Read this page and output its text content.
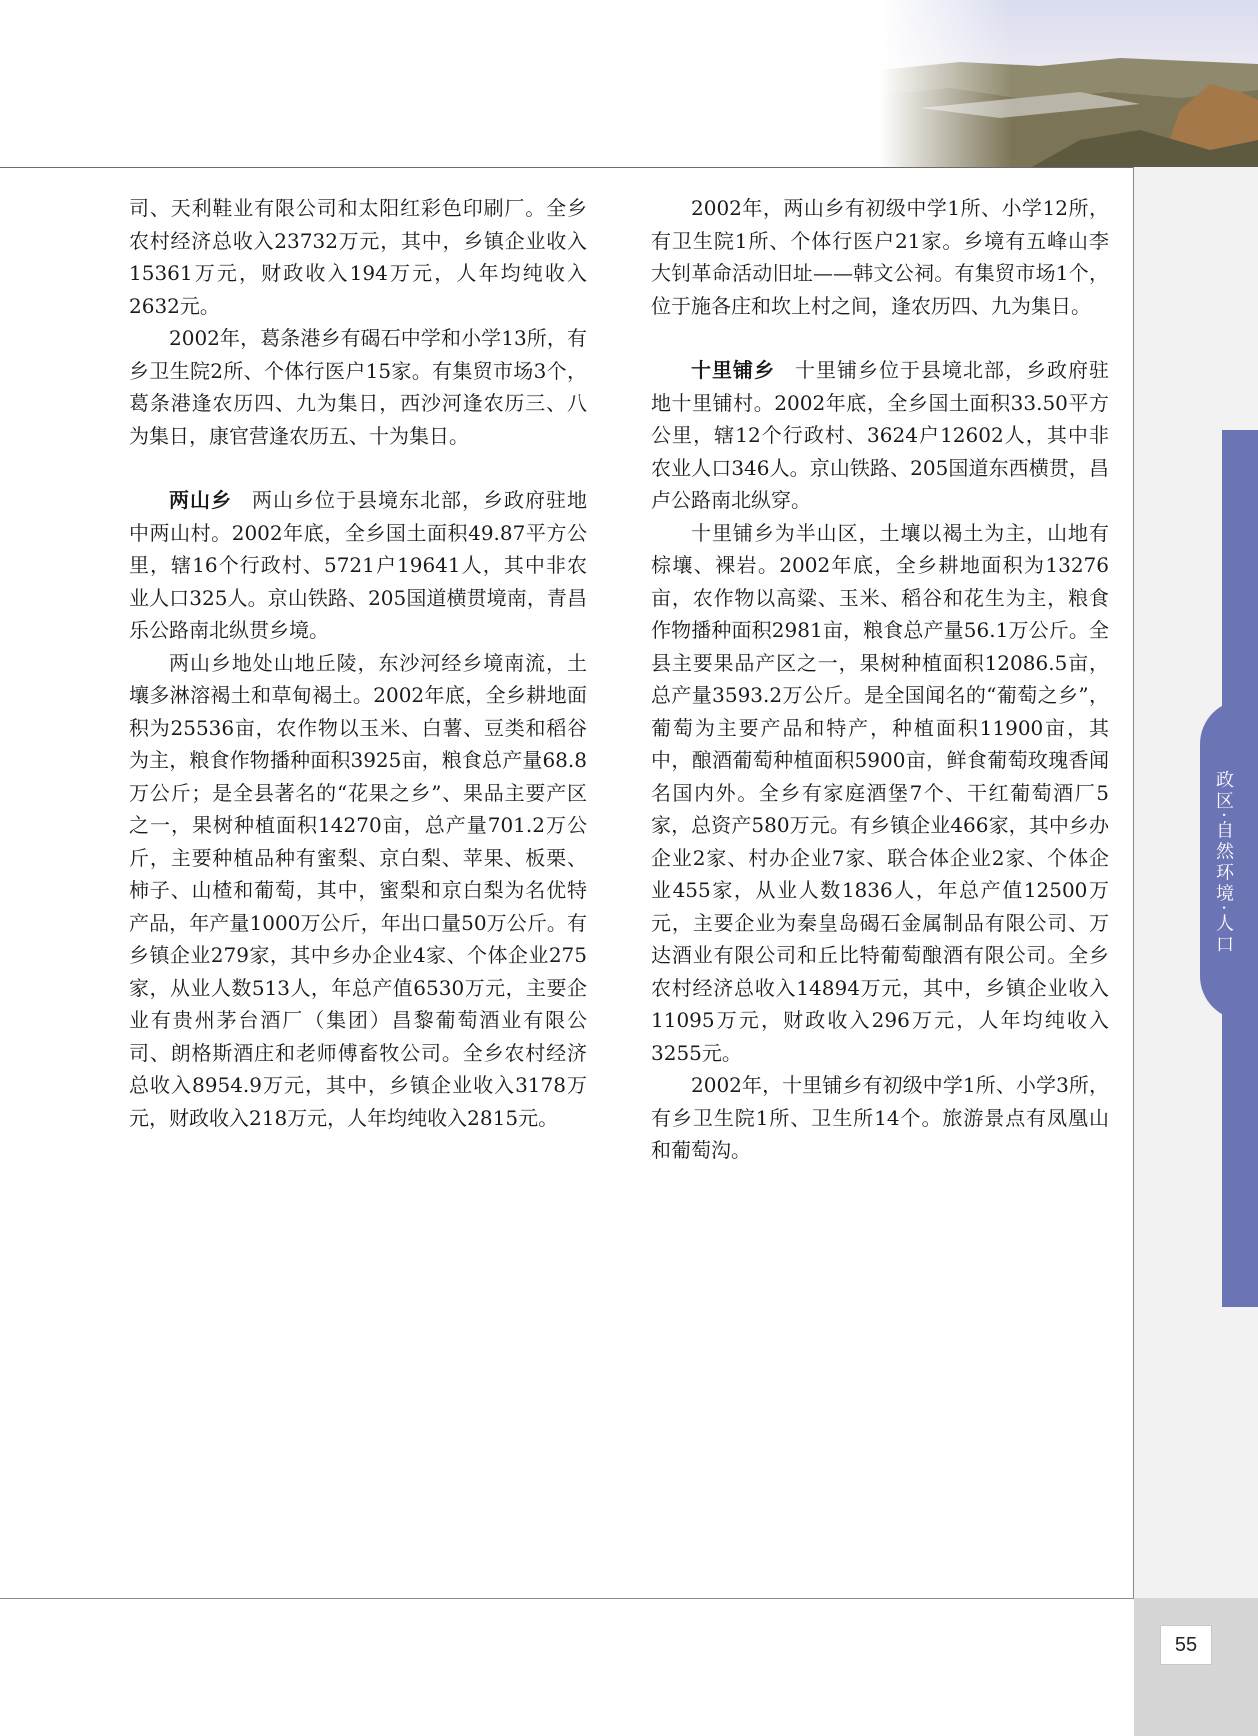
政区·自然环境·人口

司、天利鞋业有限公司和太阳红彩色印刷厂。全乡农村经济总收入23732万元，其中，乡镇企业收入15361万元，财政收入194万元，人年均纯收入2632元。

2002年，葛条港乡有碣石中学和小学13所，有乡卫生院2所、个体行医户15家。有集贸市场3个，葛条港逢农历四、九为集日，西沙河逢农历三、八为集日，康官营逢农历五、十为集日。

两山乡 两山乡位于县境东北部，乡政府驻地中两山村。2002年底，全乡国土面积49.87平方公里，辖16个行政村、5721户19641人，其中非农业人口325人。京山铁路、205国道横贯境南，青昌乐公路南北纵贯乡境。

两山乡地处山地丘陵，东沙河经乡境南流，土壤多淋溶褐土和草甸褐土。2002年底，全乡耕地面积为25536亩，农作物以玉米、白薯、豆类和稻谷为主，粮食作物播种面积3925亩，粮食总产量68.8万公斤；是全县著名的“花果之乡”、果品主要产区之一，果树种植面积14270亩，总产量701.2万公斤，主要种植品种有蜜梨、京白梨、苹果、板栗、柿子、山楂和葡萄，其中，蜜梨和京白梨为名优特产品，年产量1000万公斤，年出口量50万公斤。有乡镇企业279家，其中乡办企业4家、个体企业275家，从业人数513人，年总产值6530万元，主要企业有贵州茅台酒厂（集团）昌黎葡萄酒业有限公司、朗格斯酒庄和老师傅畜牧公司。全乡农村经济总收入8954.9万元，其中，乡镇企业收入3178万元，财政收入218万元，人年均纯收入2815元。

2002年，两山乡有初级中学1所、小学12所，有卫生院1所、个体行医户21家。乡境有五峰山李大钊革命活动旧址——韩文公祠。有集贸市场1个，位于施各庄和坎上村之间，逢农历四、九为集日。

十里铺乡 十里铺乡位于县境北部，乡政府驻地十里铺村。2002年底，全乡国土面积33.50平方公里，辖12个行政村、3624户12602人，其中非农业人口346人。京山铁路、205国道东西横贯，昌卢公路南北纵穿。

十里铺乡为半山区，土壤以褐土为主，山地有棕壤、裸岩。2002年底，全乡耕地面积为13276亩，农作物以高粱、玉米、稻谷和花生为主，粮食作物播种面积2981亩，粮食总产量56.1万公斤。全县主要果品产区之一，果树种植面积12086.5亩，总产量3593.2万公斤。是全国闻名的“葡萄之乡”，葡萄为主要产品和特产，种植面积11900亩，其中，酿酒葡萄种植面积5900亩，鲜食葡萄玫瑰香闻名国内外。全乡有家庭酒堡7个、干红葡萄酒厂5家，总资产580万元。有乡镇企业466家，其中乡办企业2家、村办企业7家、联合体企业2家、个体企业455家，从业人数1836人，年总产值12500万元，主要企业为秦皇岛碣石金属制品有限公司、万达酒业有限公司和丘比特葡萄酿酒有限公司。全乡农村经济总收入14894万元，其中，乡镇企业收入11095万元，财政收入296万元，人年均纯收入3255元。

2002年，十里铺乡有初级中学1所、小学3所，有乡卫生院1所、卫生所14个。旅游景点有凤凰山和葡萄沟。

55
